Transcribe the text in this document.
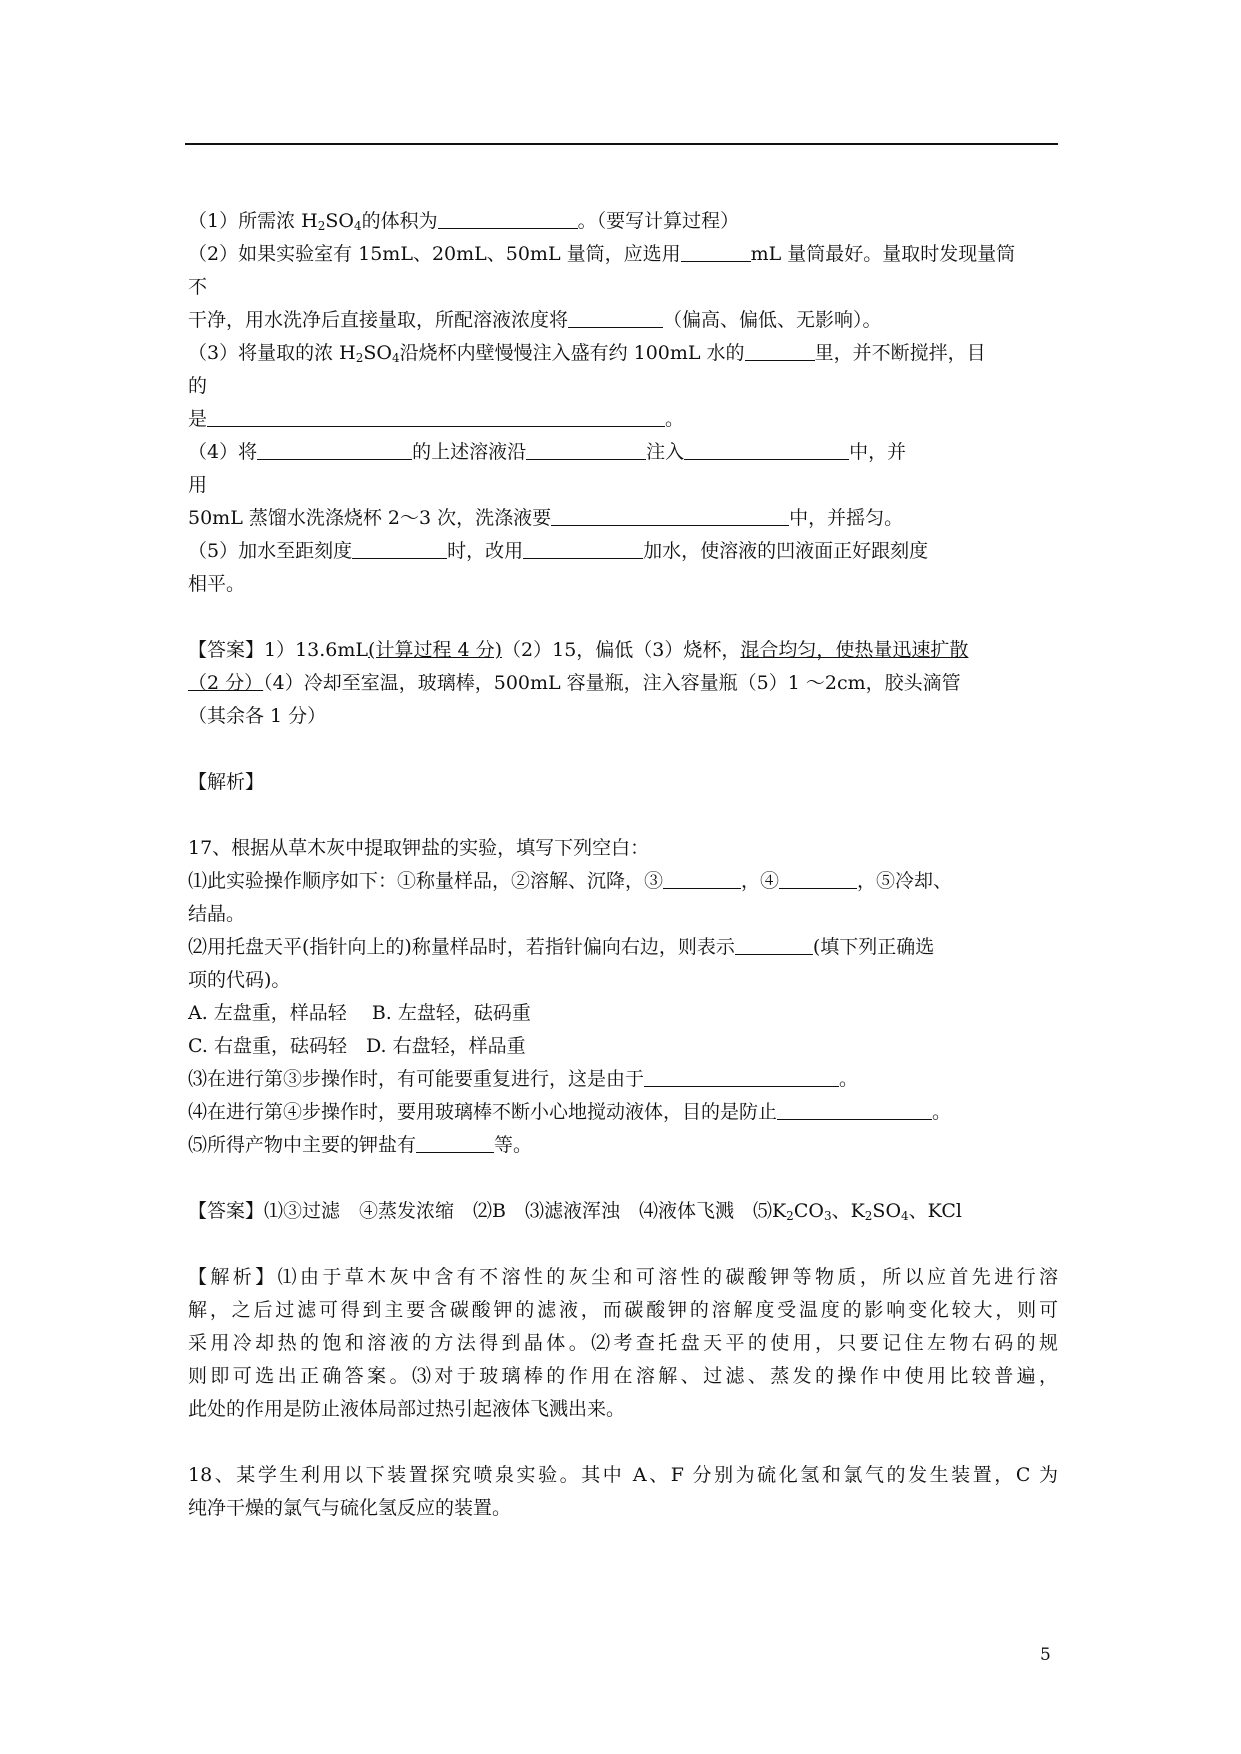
（1）所需浓 $H_2SO_4$的体积为	。（要写计算过程）
（2）如果实验室有 15mL、20mL、50mL 量筒，应选用	mL 量筒最好。量取时发现量筒
不
干净，用水洗净后直接量取，所配溶液浓度将	（偏高、偏低、无影响）。
（3）将量取的浓 $H_2SO_4$沿烧杯内壁慢慢注入盛有约 100mL 水的	里，并不断搅拌，目
的
是	。
（4）将	的上述溶液沿	注入	中，并
用
50mL 蒸馏水洗涤烧杯 2～3 次，洗涤液要	中，并摇匀。
（5）加水至距刻度	时，改用	加水，使溶液的凹液面正好跟刻度
相平。
【答案】1）13.6mL(计算过程 4 分)（2）15，偏低（3）烧杯，混合均匀，使热量迅速扩散
（2 分）（4）冷却至室温，玻璃棒，500mL 容量瓶，注入容量瓶（5）1 ～2cm，胶头滴管
（其余各 1 分）
【解析】
17、根据从草木灰中提取钾盐的实验，填写下列空白：
⑴此实验操作顺序如下：①称量样品，②溶解、沉降，③	，④	，⑤冷却、
结晶。
⑵用托盘天平(指针向上的)称量样品时，若指针偏向右边，则表示	(填下列正确选
项的代码)。
A. 左盘重，样品轻　 B. 左盘轻，砝码重
C. 右盘重，砝码轻　D. 右盘轻，样品重
⑶在进行第③步操作时，有可能要重复进行，这是由于	。
⑷在进行第④步操作时，要用玻璃棒不断小心地搅动液体，目的是防止	。
⑸所得产物中主要的钾盐有	等。
【答案】⑴③过滤　④蒸发浓缩　⑵B　⑶滤液浑浊　⑷液体飞溅　$⑸K_2CO_3$、$K_2SO_4$、KCl
【解析】⑴由于草木灰中含有不溶性的灰尘和可溶性的碳酸钾等物质，所以应首先进行溶
解，之后过滤可得到主要含碳酸钾的滤液，而碳酸钾的溶解度受温度的影响变化较大，则可
采用冷却热的饱和溶液的方法得到晶体。⑵考查托盘天平的使用，只要记住左物右码的规
则即可选出正确答案。⑶对于玻璃棒的作用在溶解、过滤、蒸发的操作中使用比较普遍，
此处的作用是防止液体局部过热引起液体飞溅出来。
18、某学生利用以下装置探究喷泉实验。其中 A、F 分别为硫化氢和氯气的发生装置，C 为
纯净干燥的氯气与硫化氢反应的装置。
5
